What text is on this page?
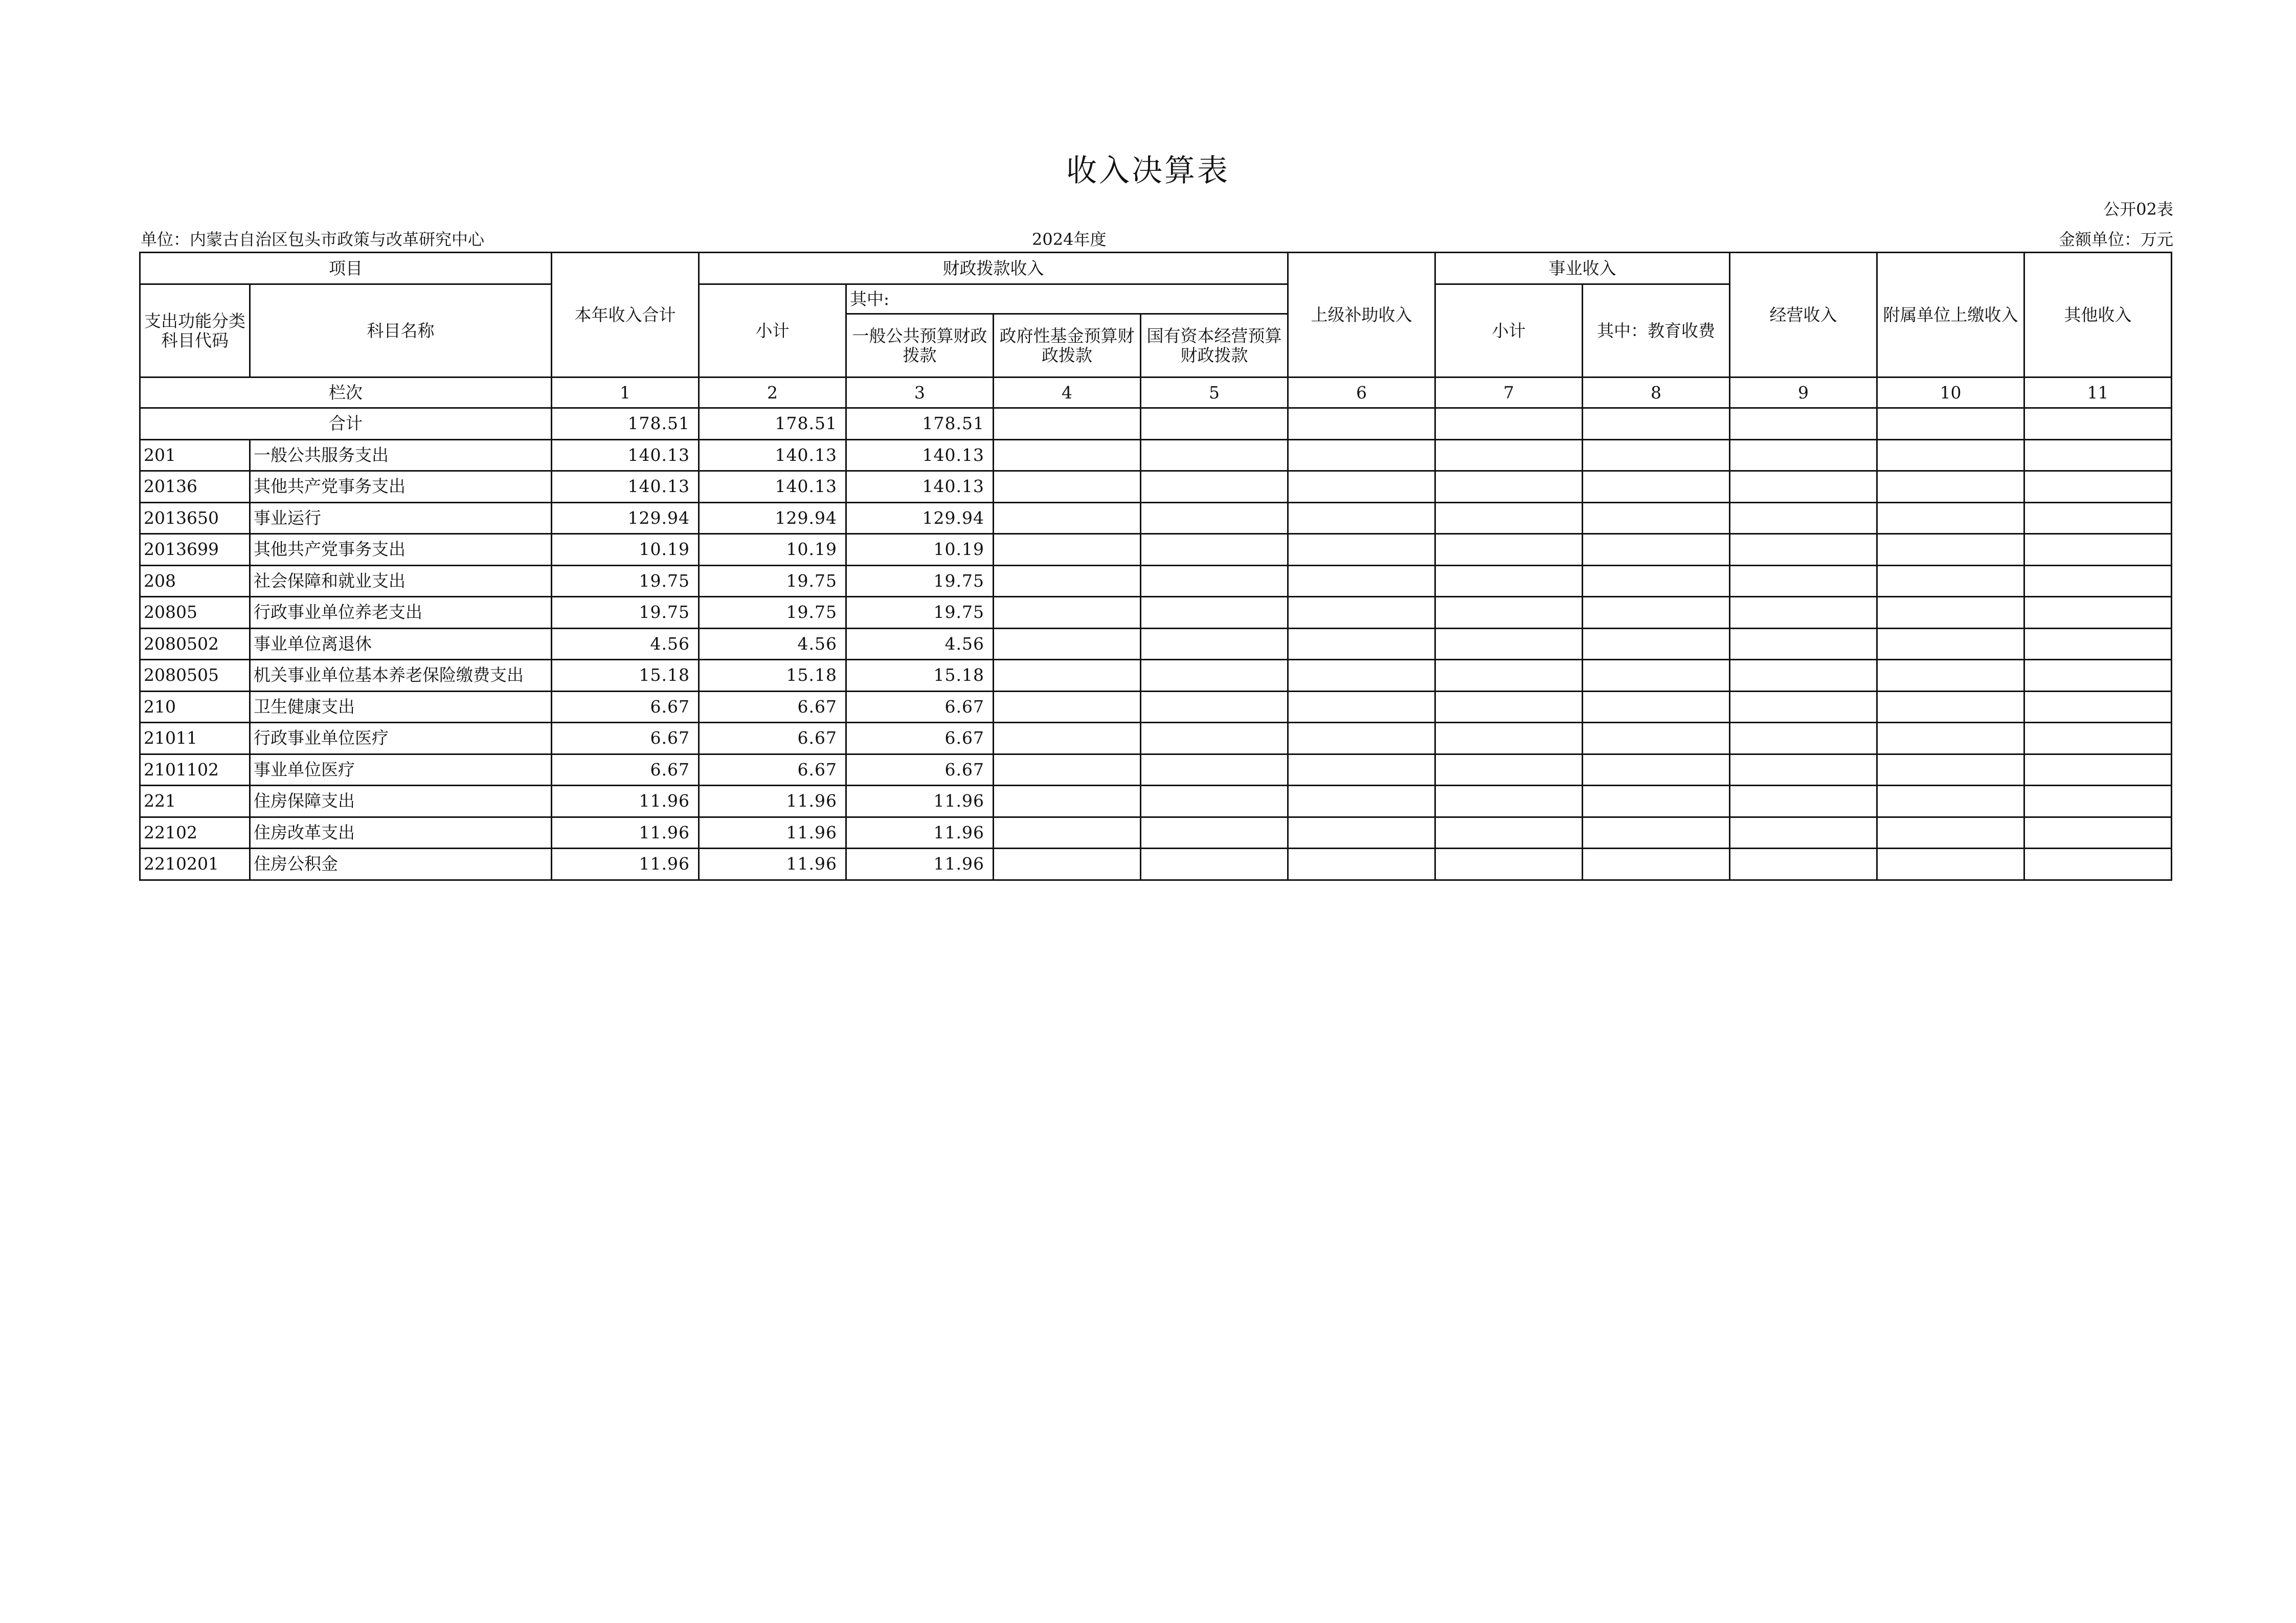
收入决算表
公开02表
单位：内蒙古自治区包头市政策与改革研究中心	2024年度	金额单位：万元
项目		本年收入合计	财政拨款收入				上级补助收入	事业收入		经营收入	附属单位上缴收入	其他收入
支出功能分类科目代码	科目名称		小计	其中:				小计	其中：教育收费			
				一般公共预算财政拨款	政府性基金预算财政拨款	国有资本经营预算财政拨款						
栏次		1	2	3	4	5	6	7	8	9	10	11
合计		178.51	178.51	178.51								
201	一般公共服务支出	140.13	140.13	140.13								
20136	其他共产党事务支出	140.13	140.13	140.13								
2013650	事业运行	129.94	129.94	129.94								
2013699	其他共产党事务支出	10.19	10.19	10.19								
208	社会保障和就业支出	19.75	19.75	19.75								
20805	行政事业单位养老支出	19.75	19.75	19.75								
2080502	事业单位离退休	4.56	4.56	4.56								
2080505	机关事业单位基本养老保险缴费支出	15.18	15.18	15.18								
210	卫生健康支出	6.67	6.67	6.67								
21011	行政事业单位医疗	6.67	6.67	6.67								
2101102	事业单位医疗	6.67	6.67	6.67								
221	住房保障支出	11.96	11.96	11.96								
22102	住房改革支出	11.96	11.96	11.96								
2210201	住房公积金	11.96	11.96	11.96								
